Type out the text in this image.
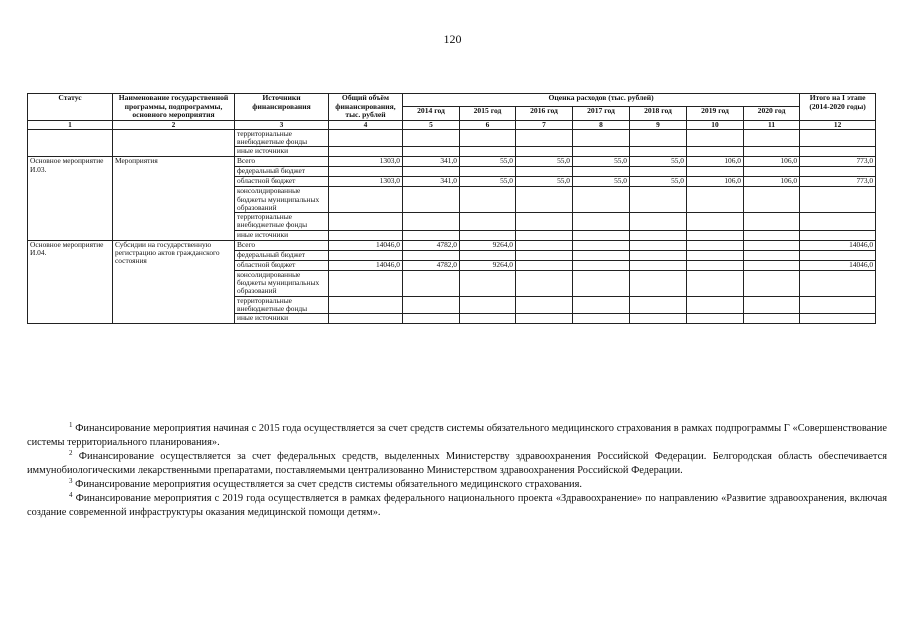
120
Статус	Наименование государственной программы, подпрограммы, основного мероприятия	Источники финансирования	Общий объём финансирования, тыс. рублей	Оценка расходов (тыс. рублей)							Итого на I этапе (2014-2020 годы)
				2014 год	2015 год	2016 год	2017 год	2018 год	2019 год	2020 год	
1	2	3	4	5	6	7	8	9	10	11	12
		территориальные внебюджетные фонды									
		иные источники									
Основное мероприятие И.03.	Мероприятия	Всего	1303,0	341,0	55,0	55,0	55,0	55,0	106,0	106,0	773,0
		федеральный бюджет									
		областной бюджет	1303,0	341,0	55,0	55,0	55,0	55,0	106,0	106,0	773,0
		консолидированные бюджеты муниципальных образований									
		территориальные внебюджетные фонды									
		иные источники									
Основное мероприятие И.04.	Субсидии на государственную регистрацию актов гражданского состояния	Всего	14046,0	4782,0	9264,0						14046,0
		федеральный бюджет									
		областной бюджет	14046,0	4782,0	9264,0						14046,0
		консолидированные бюджеты муниципальных образований									
		территориальные внебюджетные фонды									
		иные источники									

$^1$ Финансирование мероприятия начиная с 2015 года осуществляется за счет средств системы обязательного медицинского страхования в рамках подпрограммы Г «Совершенствование системы территориального планирования».

$^2$ Финансирование осуществляется за счет федеральных средств, выделенных Министерству здравоохранения Российской Федерации. Белгородская область обеспечивается иммунобиологическими лекарственными препаратами, поставляемыми централизованно Министерством здравоохранения Российской Федерации.

$^3$ Финансирование мероприятия осуществляется за счет средств системы обязательного медицинского страхования.

$^4$ Финансирование мероприятия с 2019 года осуществляется в рамках федерального национального проекта «Здравоохранение» по направлению «Развитие здравоохранения, включая создание современной инфраструктуры оказания медицинской помощи детям».
